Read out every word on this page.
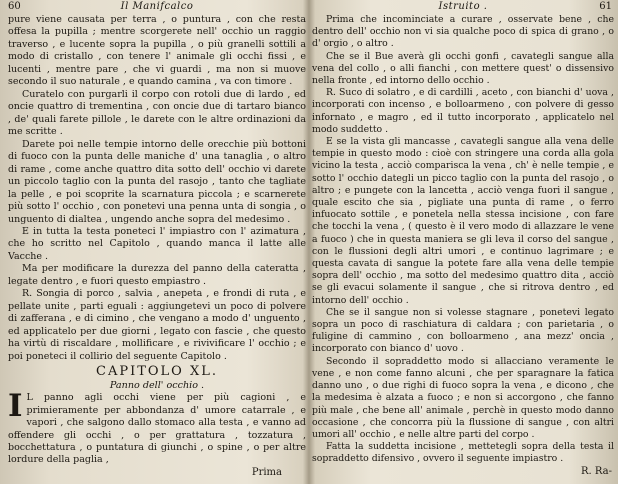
60	Il Manifcalco

pure viene causata per terra , o puntura , con che resta offesa la pupilla ; mentre scorgerete nell' occhio un raggio traverso , e lucente sopra la pupilla , o più granelli sottili a modo di cristallo , con tenere l' animale gli occhi fissi , e lucenti , mentre pare , che vi guardi , ma non si muove secondo il suo naturale , e quando camina , va con timore .

Curatelo con purgarli il corpo con rotoli due di lardo , ed oncie quattro di trementina , con oncie due di tartaro bianco , de' quali farete pillole , le darete con le altre ordinazioni da me scritte .

Darete poi nelle tempie intorno delle orecchie più bottoni di fuoco con la punta delle maniche d' una tanaglia , o altro di rame , come anche quattro dita sotto dell' occhio vi darete un piccolo taglio con la punta del rasojo , tanto che tagliate la pelle , e poi scoprite la scarnatura piccola ; e scarnerete più sotto l' occhio , con ponetevi una penna unta di songia , o unguento di dialtea , ungendo anche sopra del medesimo .

E in tutta la testa poneteci l' impiastro con l' azimatura , che ho scritto nel Capitolo , quando manca il latte alle Vacche .

Ma per modificare la durezza del panno della cateratta , legate dentro , e fuori questo empiastro .

R. Songia di porco , salvia , anepeta , e frondi di ruta , e pellate unite , parti eguali : aggiungetevi un poco di polvere di zafferana , e di cimino , che vengano a modo d' unguento , ed applicatelo per due giorni , legato con fascie , che questo ha virtù di riscaldare , mollificare , e rivivificare l' occhio ; e poi poneteci il collirio del seguente Capitolo .

CAPITOLO XL.
Panno dell' occhio .

I L panno agli occhi viene per più cagioni , e primieramente per abbondanza d' umore catarrale , e vapori , che salgono dallo stomaco alla testa , e vanno ad offendere gli occhi , o per grattatura , tozzatura , bocchettatura , o puntatura di giunchi , o spine , o per altre lordure della paglia ,

Prima
Istruito .	61

Prima che incominciate a curare , osservate bene , che dentro dell' occhio non vi sia qualche poco di spica di grano , o d' orgio , o altro .

Che se il Bue averà gli occhi gonfi , cavategli sangue alla vena del collo , o alli fianchi , con mettere quest' o dissensivo nella fronte , ed intorno dello occhio .

R. Suco di solatro , e di cardilli , aceto , con bianchi d' uova , incorporati con incenso , e bolloarmeno , con polvere di gesso infornato , e magro , ed il tutto incorporato , applicatelo nel modo suddetto .

E se la vista gli mancasse , cavategli sangue alla vena delle tempie in questo modo : cioè con stringere una corda alla gola vicino la testa , acciò comparisca la vena , ch' è nelle tempie , e sotto l' occhio dategli un picco taglio con la punta del rasojo , o altro ; e pungete con la lancetta , acciò venga fuori il sangue , quale escito che sia , pigliate una punta di rame , o ferro infuocato sottile , e ponetela nella stessa incisione , con fare che tocchi la vena , ( questo è il vero modo di allazzare le vene a fuoco ) che in questa maniera se gli leva il corso del sangue , con le flussioni degli altri umori , e continuo lagrimare ; e questa cavata di sangue la potete fare alla vena delle tempie sopra dell' occhio , ma sotto del medesimo quattro dita , acciò se gli evacui solamente il sangue , che si ritrova dentro , ed intorno dell' occhio .

Che se il sangue non si volesse stagnare , ponetevi legato sopra un poco di raschiatura di caldara ; con parietaria , o fuligine di cammino , con bolloarmeno , ana mezz' oncia , incorporato con bianco d' uovo .

Secondo il sopraddetto modo si allacciano veramente le vene , e non come fanno alcuni , che per sparagnare la fatica danno uno , o due righi di fuoco sopra la vena , e dicono , che la medesima è alzata a fuoco ; e non si accorgono , che fanno più male , che bene all' animale , perchè in questo modo danno occasione , che concorra più la flussione di sangue , con altri umori all' occhio , e nelle altre parti del corpo .

Fatta la suddetta incisione , mettetegli sopra della testa il sopraddetto difensivo , ovvero il seguente impiastro .

R. Ra-
